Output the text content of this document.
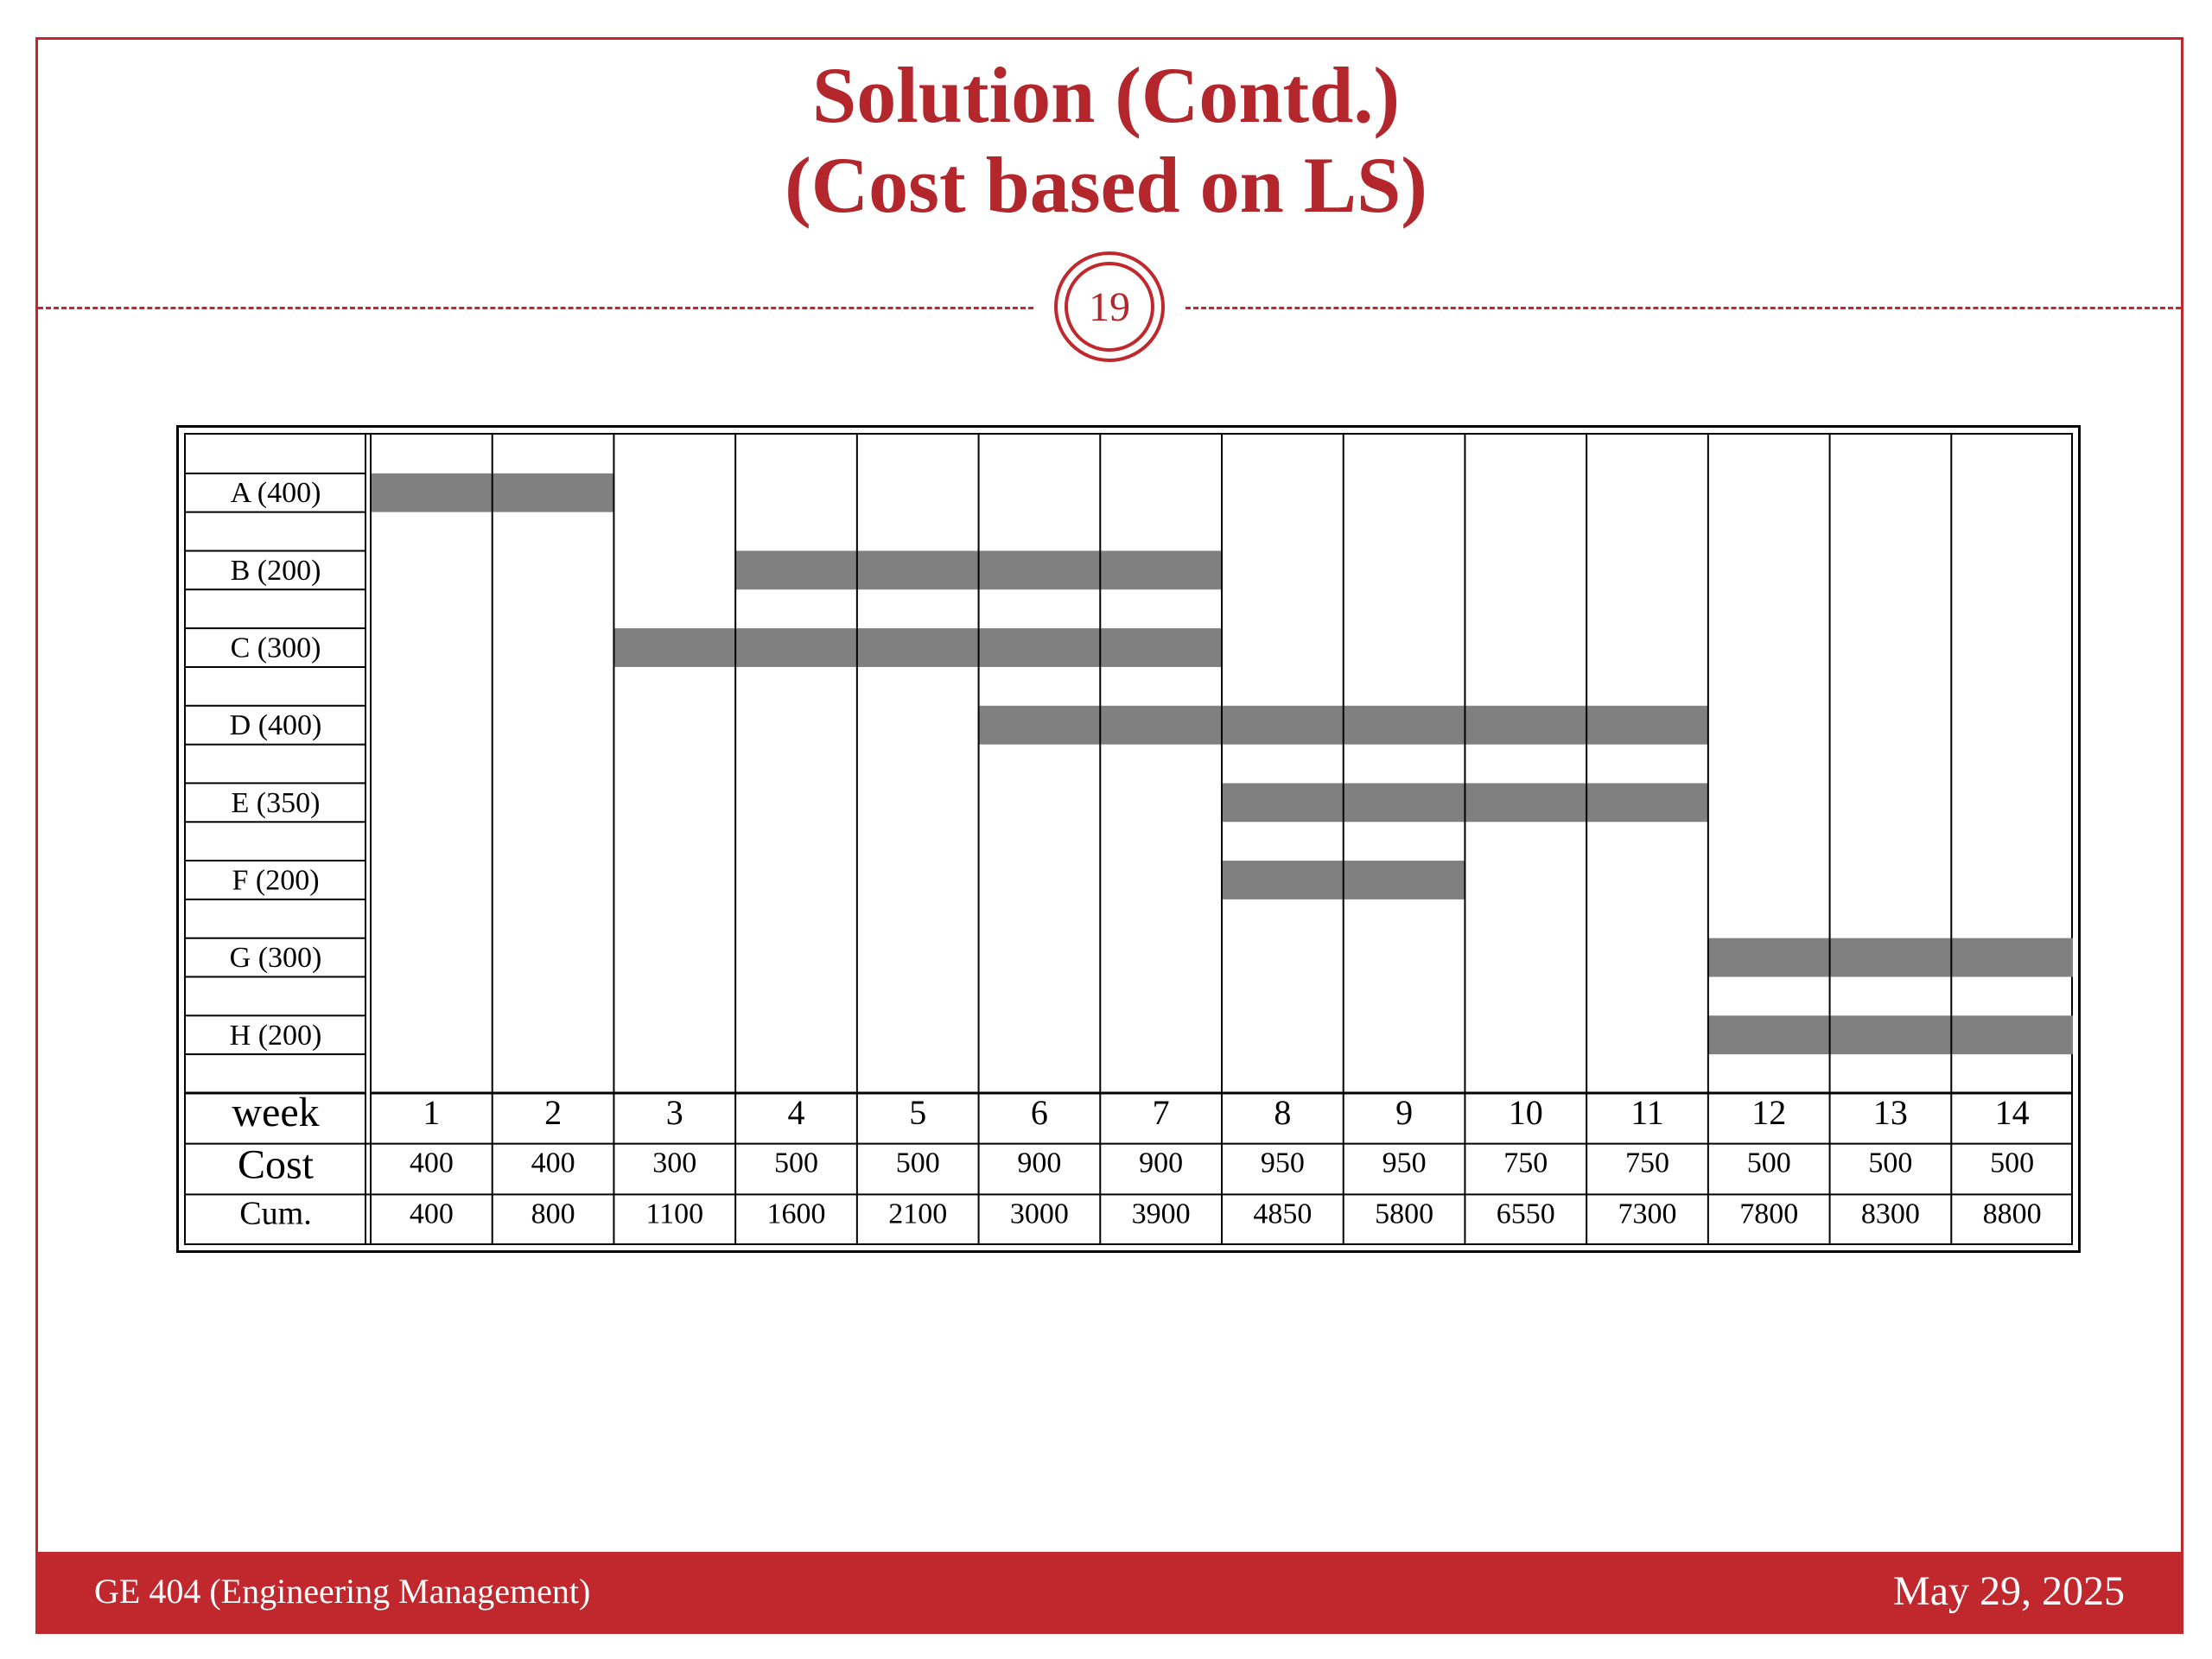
Solution (Contd.)
(Cost based on LS)
19
A (400)
B (200)
C (300)
D (400)
E (350)
F (200)
G (300)
H (200)
week
Cost
Cum.
1
400
400
2
400
800
3
300
1100
4
500
1600
5
500
2100
6
900
3000
7
900
3900
8
950
4850
9
950
5800
10
750
6550
11
750
7300
12
500
7800
13
500
8300
14
500
8800
GE 404 (Engineering Management)	May 29, 2025
